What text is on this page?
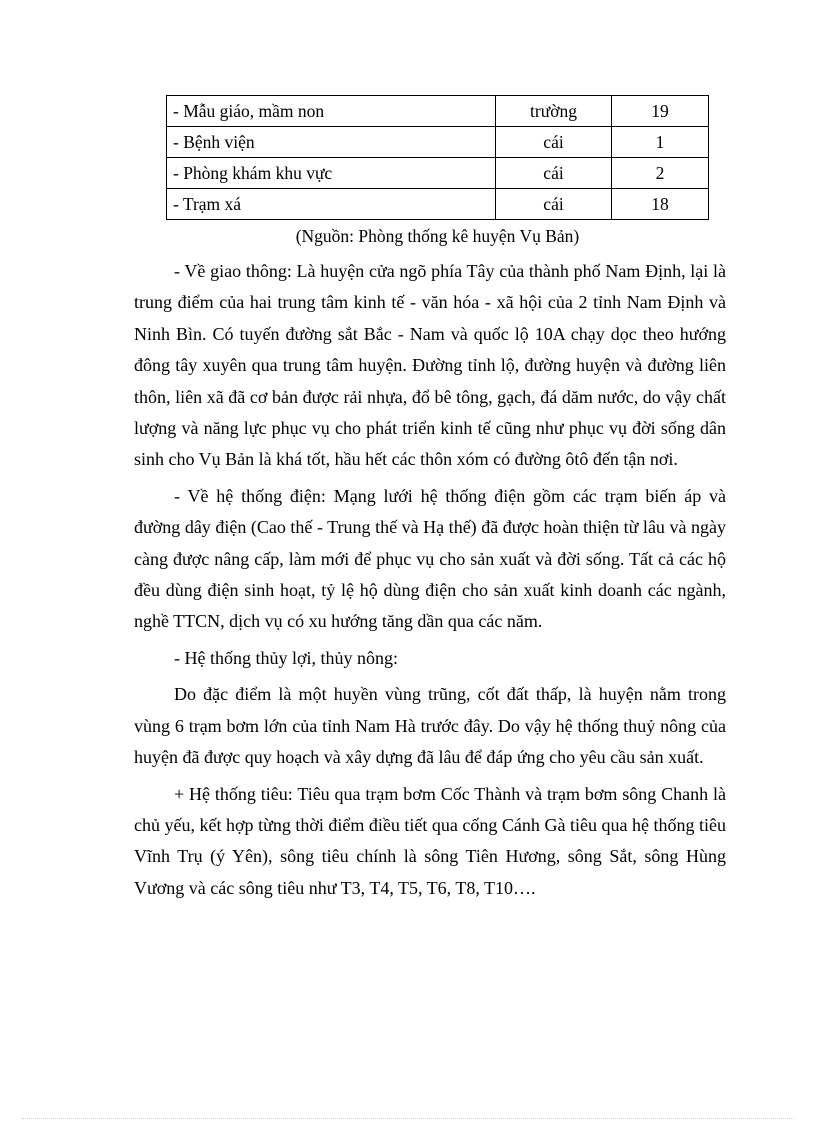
- Mẫu giáo, mầm non	trường	19
- Bệnh viện	cái	1
- Phòng khám khu vực	cái	2
- Trạm xá	cái	18
(Nguồn: Phòng thống kê huyện Vụ Bản)

- Về giao thông: Là huyện cửa ngõ phía Tây của thành phố Nam Định, lại là trung điểm của hai trung tâm kinh tế - văn hóa - xã hội của 2 tỉnh Nam Định và Ninh Bìn. Có tuyến đường sắt Bắc - Nam và quốc lộ 10A chạy dọc theo hướng đông tây xuyên qua trung tâm huyện. Đường tỉnh lộ, đường huyện và đường liên thôn, liên xã đã cơ bản được rải nhựa, đổ bê tông, gạch, đá dăm nước, do vậy chất lượng và năng lực phục vụ cho phát triển kinh tế cũng như phục vụ đời sống dân sinh cho Vụ Bản là khá tốt, hầu hết các thôn xóm có đường ôtô đến tận nơi.

- Về hệ thống điện: Mạng lưới hệ thống điện gồm các trạm biến áp và đường dây điện (Cao thế - Trung thế và Hạ thế) đã được hoàn thiện từ lâu và ngày càng được nâng cấp, làm mới để phục vụ cho sản xuất và đời sống. Tất cả các hộ đều dùng điện sinh hoạt, tỷ lệ hộ dùng điện cho sản xuất kinh doanh các ngành, nghề TTCN, dịch vụ có xu hướng tăng dần qua các năm.

- Hệ thống thủy lợi, thủy nông:

Do đặc điểm là một huyền vùng trũng, cốt đất thấp, là huyện nằm trong vùng 6 trạm bơm lớn của tỉnh Nam Hà trước đây. Do vậy hệ thống thuỷ nông của huyện đã được quy hoạch và xây dựng đã lâu để đáp ứng cho yêu cầu sản xuất.

+ Hệ thống tiêu: Tiêu qua trạm bơm Cốc Thành và trạm bơm sông Chanh là chủ yếu, kết hợp từng thời điểm điều tiết qua cống Cánh Gà tiêu qua hệ thống tiêu Vĩnh Trụ (ý Yên), sông tiêu chính là sông Tiên Hương, sông Sắt, sông Hùng Vương và các sông tiêu như T3, T4, T5, T6, T8, T10….
